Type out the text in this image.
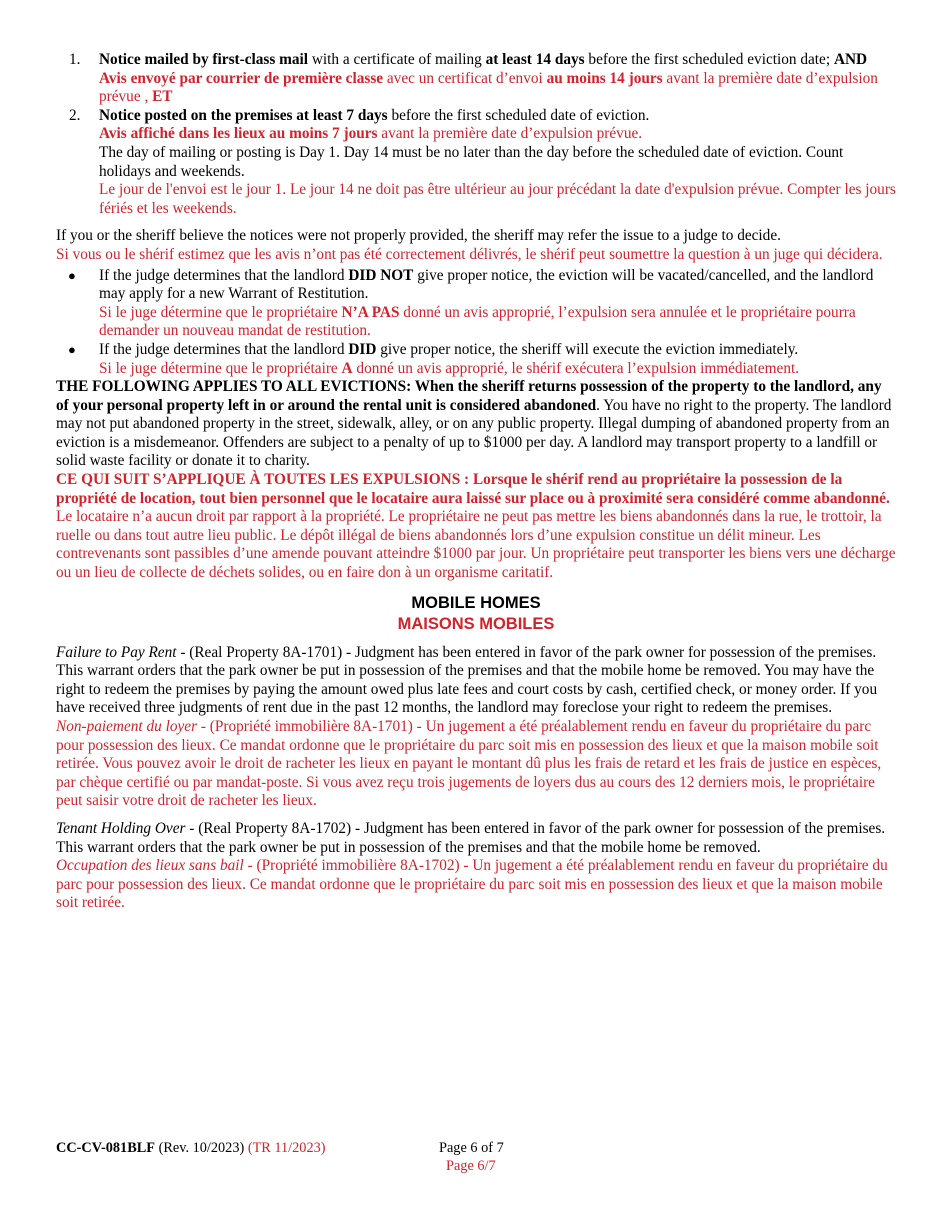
1. Notice mailed by first-class mail with a certificate of mailing at least 14 days before the first scheduled eviction date; AND
Avis envoyé par courrier de première classe avec un certificat d’envoi au moins 14 jours avant la première date d’expulsion prévue , ET
2. Notice posted on the premises at least 7 days before the first scheduled date of eviction.
Avis affiché dans les lieux au moins 7 jours avant la première date d’expulsion prévue.
The day of mailing or posting is Day 1. Day 14 must be no later than the day before the scheduled date of eviction. Count holidays and weekends.
Le jour de l'envoi est le jour 1. Le jour 14 ne doit pas être ultérieur au jour précédant la date d'expulsion prévue. Compter les jours fériés et les weekends.
If you or the sheriff believe the notices were not properly provided, the sheriff may refer the issue to a judge to decide.
Si vous ou le shérif estimez que les avis n’ont pas été correctement délivrés, le shérif peut soumettre la question à un juge qui décidera.
● If the judge determines that the landlord DID NOT give proper notice, the eviction will be vacated/cancelled, and the landlord may apply for a new Warrant of Restitution.
Si le juge détermine que le propriétaire N’A PAS donné un avis approprié, l’expulsion sera annulée et le propriétaire pourra demander un nouveau mandat de restitution.
● If the judge determines that the landlord DID give proper notice, the sheriff will execute the eviction immediately.
Si le juge détermine que le propriétaire A donné un avis approprié, le shérif exécutera l’expulsion immédiatement.
THE FOLLOWING APPLIES TO ALL EVICTIONS: When the sheriff returns possession of the property to the landlord, any of your personal property left in or around the rental unit is considered abandoned. You have no right to the property. The landlord may not put abandoned property in the street, sidewalk, alley, or on any public property. Illegal dumping of abandoned property from an eviction is a misdemeanor. Offenders are subject to a penalty of up to $1000 per day. A landlord may transport property to a landfill or solid waste facility or donate it to charity.
CE QUI SUIT S’APPLIQUE À TOUTES LES EXPULSIONS : Lorsque le shérif rend au propriétaire la possession de la propriété de location, tout bien personnel que le locataire aura laissé sur place ou à proximité sera considéré comme abandonné. Le locataire n’a aucun droit par rapport à la propriété. Le propriétaire ne peut pas mettre les biens abandonnés dans la rue, le trottoir, la ruelle ou dans tout autre lieu public. Le dépôt illégal de biens abandonnés lors d’une expulsion constitue un délit mineur. Les contrevenants sont passibles d’une amende pouvant atteindre $1000 par jour. Un propriétaire peut transporter les biens vers une décharge ou un lieu de collecte de déchets solides, ou en faire don à un organisme caritatif.
MOBILE HOMES
MAISONS MOBILES
Failure to Pay Rent - (Real Property 8A-1701) - Judgment has been entered in favor of the park owner for possession of the premises. This warrant orders that the park owner be put in possession of the premises and that the mobile home be removed. You may have the right to redeem the premises by paying the amount owed plus late fees and court costs by cash, certified check, or money order. If you have received three judgments of rent due in the past 12 months, the landlord may foreclose your right to redeem the premises.
Non-paiement du loyer - (Propriété immobilière 8A-1701) - Un jugement a été préalablement rendu en faveur du propriétaire du parc pour possession des lieux. Ce mandat ordonne que le propriétaire du parc soit mis en possession des lieux et que la maison mobile soit retirée. Vous pouvez avoir le droit de racheter les lieux en payant le montant dû plus les frais de retard et les frais de justice en espèces, par chèque certifié ou par mandat-poste. Si vous avez reçu trois jugements de loyers dus au cours des 12 derniers mois, le propriétaire peut saisir votre droit de racheter les lieux.
Tenant Holding Over - (Real Property 8A-1702) - Judgment has been entered in favor of the park owner for possession of the premises. This warrant orders that the park owner be put in possession of the premises and that the mobile home be removed.
Occupation des lieux sans bail - (Propriété immobilière 8A-1702) - Un jugement a été préalablement rendu en faveur du propriétaire du parc pour possession des lieux. Ce mandat ordonne que le propriétaire du parc soit mis en possession des lieux et que la maison mobile soit retirée.
CC-CV-081BLF (Rev. 10/2023) (TR 11/2023)	Page 6 of 7
Page 6/7
